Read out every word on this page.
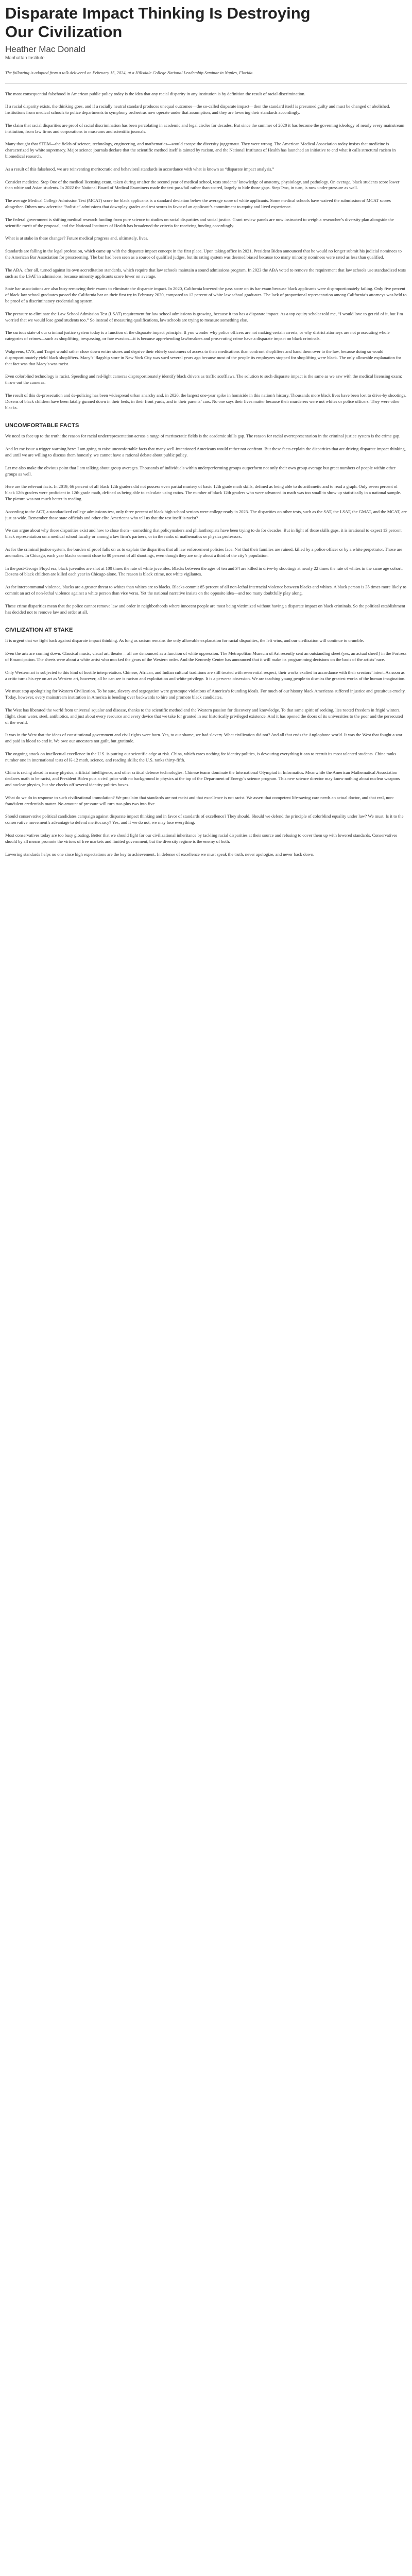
Disparate Impact Thinking Is Destroying
Our Civilization

Heather Mac Donald

Manhattan Institute

The following is adapted from a talk delivered on February 15, 2024, at a Hillsdale College National Leadership Seminar in Naples, Florida.

The most consequential falsehood in American public policy today is the idea that any racial disparity in any institution is by definition the result of racial discrimination.

If a racial disparity exists, the thinking goes, and if a racially neutral standard produces unequal outcomes—the so-called disparate impact—then the standard itself is presumed guilty and must be changed or abolished. Institutions from medical schools to police departments to symphony orchestras now operate under that assumption, and they are lowering their standards accordingly.

The claim that racial disparities are proof of racial discrimination has been percolating in academic and legal circles for decades. But since the summer of 2020 it has become the governing ideology of nearly every mainstream institution, from law firms and corporations to museums and scientific journals.

Many thought that STEM—the fields of science, technology, engineering, and mathematics—would escape the diversity juggernaut. They were wrong. The American Medical Association today insists that medicine is characterized by white supremacy. Major science journals declare that the scientific method itself is tainted by racism, and the National Institutes of Health has launched an initiative to end what it calls structural racism in biomedical research.

As a result of this falsehood, we are reinventing meritocratic and behavioral standards in accordance with what is known as “disparate impact analysis.”

Consider medicine. Step One of the medical licensing exam, taken during or after the second year of medical school, tests students’ knowledge of anatomy, physiology, and pathology. On average, black students score lower than white and Asian students. In 2022 the National Board of Medical Examiners made the test pass/fail rather than scored, largely to hide those gaps. Step Two, in turn, is now under pressure as well.

The average Medical College Admission Test (MCAT) score for black applicants is a standard deviation below the average score of white applicants. Some medical schools have waived the submission of MCAT scores altogether. Others now advertise “holistic” admissions that downplay grades and test scores in favor of an applicant’s commitment to equity and lived experience.

The federal government is shifting medical research funding from pure science to studies on racial disparities and social justice. Grant review panels are now instructed to weigh a researcher’s diversity plan alongside the scientific merit of the proposal, and the National Institutes of Health has broadened the criteria for receiving funding accordingly.

What is at stake in these changes? Future medical progress and, ultimately, lives.

Standards are falling in the legal profession, which came up with the disparate impact concept in the first place. Upon taking office in 2021, President Biden announced that he would no longer submit his judicial nominees to the American Bar Association for prescreening. The bar had been seen as a source of qualified judges, but its rating system was deemed biased because too many minority nominees were rated as less than qualified.

The ABA, after all, turned against its own accreditation standards, which require that law schools maintain a sound admissions program. In 2023 the ABA voted to remove the requirement that law schools use standardized tests such as the LSAT in admissions, because minority applicants score lower on average.

State bar associations are also busy removing their exams to eliminate the disparate impact. In 2020, California lowered the pass score on its bar exam because black applicants were disproportionately failing. Only five percent of black law school graduates passed the California bar on their first try in February 2020, compared to 12 percent of white law school graduates. The lack of proportional representation among California’s attorneys was held to be proof of a discriminatory credentialing system.

The pressure to eliminate the Law School Admission Test (LSAT) requirement for law school admissions is growing, because it too has a disparate impact. As a top equity scholar told me, “I would love to get rid of it, but I’m worried that we would lose good students too.” So instead of measuring qualifications, law schools are trying to measure something else.

The curious state of our criminal justice system today is a function of the disparate impact principle. If you wonder why police officers are not making certain arrests, or why district attorneys are not prosecuting whole categories of crimes—such as shoplifting, trespassing, or fare evasion—it is because apprehending lawbreakers and prosecuting crime have a disparate impact on black criminals.

Walgreens, CVS, and Target would rather close down entire stores and deprive their elderly customers of access to their medications than confront shoplifters and hand them over to the law, because doing so would disproportionately yield black shoplifters. Macy’s’ flagship store in New York City was sued several years ago because most of the people its employees stopped for shoplifting were black. The only allowable explanation for that fact was that Macy’s was racist.

Even colorblind technology is racist. Speeding and red-light cameras disproportionately identify black drivers as traffic scofflaws. The solution to such disparate impact is the same as we saw with the medical licensing exam: throw out the cameras.

The result of this de-prosecution and de-policing has been widespread urban anarchy and, in 2020, the largest one-year spike in homicide in this nation’s history. Thousands more black lives have been lost to drive-by shootings. Dozens of black children have been fatally gunned down in their beds, in their front yards, and in their parents’ cars. No one says their lives matter because their murderers were not whites or police officers. They were other blacks.

UNCOMFORTABLE FACTS

We need to face up to the truth: the reason for racial underrepresentation across a range of meritocratic fields is the academic skills gap. The reason for racial overrepresentation in the criminal justice system is the crime gap.

And let me issue a trigger warning here: I am going to raise uncomfortable facts that many well-intentioned Americans would rather not confront. But these facts explain the disparities that are driving disparate impact thinking, and until we are willing to discuss them honestly, we cannot have a rational debate about public policy.

Let me also make the obvious point that I am talking about group averages. Thousands of individuals within underperforming groups outperform not only their own group average but great numbers of people within other groups as well.

Here are the relevant facts. In 2019, 66 percent of all black 12th graders did not possess even partial mastery of basic 12th grade math skills, defined as being able to do arithmetic and to read a graph. Only seven percent of black 12th graders were proficient in 12th grade math, defined as being able to calculate using ratios. The number of black 12th graders who were advanced in math was too small to show up statistically in a national sample. The picture was not much better in reading.

According to the ACT, a standardized college admissions test, only three percent of black high school seniors were college ready in 2023. The disparities on other tests, such as the SAT, the LSAT, the GMAT, and the MCAT, are just as wide. Remember those state officials and other elite Americans who tell us that the test itself is racist?

We can argue about why those disparities exist and how to close them—something that policymakers and philanthropists have been trying to do for decades. But in light of those skills gaps, it is irrational to expect 13 percent black representation on a medical school faculty or among a law firm’s partners, or in the ranks of mathematics or physics professors.

As for the criminal justice system, the burden of proof falls on us to explain the disparities that all law enforcement policies face. Not that their families are ruined, killed by a police officer or by a white perpetrator. Those are anomalies. In Chicago, each year blacks commit close to 80 percent of all shootings, even though they are only about a third of the city’s population.

In the post-George Floyd era, black juveniles are shot at 100 times the rate of white juveniles. Blacks between the ages of ten and 34 are killed in drive-by shootings at nearly 22 times the rate of whites in the same age cohort. Dozens of black children are killed each year in Chicago alone. The reason is black crime, not white vigilantes.

As for intercommunal violence, blacks are a greater threat to whites than whites are to blacks. Blacks commit 85 percent of all non-lethal interracial violence between blacks and whites. A black person is 35 times more likely to commit an act of non-lethal violence against a white person than vice versa. Yet the national narrative insists on the opposite idea—and too many doubtfully play along.

These crime disparities mean that the police cannot remove law and order in neighborhoods where innocent people are most being victimized without having a disparate impact on black criminals. So the political establishment has decided not to remove law and order at all.

CIVILIZATION AT STAKE

It is urgent that we fight back against disparate impact thinking. As long as racism remains the only allowable explanation for racial disparities, the left wins, and our civilization will continue to crumble.

Even the arts are coming down. Classical music, visual art, theater—all are denounced as a function of white oppression. The Metropolitan Museum of Art recently sent an outstanding sheet (yes, an actual sheet!) in the Fortress of Emancipation. The sheets were about a white artist who mocked the gears of the Western order. And the Kennedy Center has announced that it will make its programming decisions on the basis of the artists’ race.

Only Western art is subjected to this kind of hostile interpretation. Chinese, African, and Indian cultural traditions are still treated with reverential respect, their works exalted in accordance with their creators’ intent. As soon as a critic turns his eye on art as Western art, however, all he can see is racism and exploitation and white privilege. It is a perverse obsession. We are teaching young people to dismiss the greatest works of the human imagination.

We must stop apologizing for Western Civilization. To be sure, slavery and segregation were grotesque violations of America’s founding ideals. For much of our history black Americans suffered injustice and gratuitous cruelty. Today, however, every mainstream institution in America is bending over backwards to hire and promote black candidates.

The West has liberated the world from universal squalor and disease, thanks to the scientific method and the Western passion for discovery and knowledge. To that same spirit of seeking, lies rooted freedom in frigid winters, flight, clean water, steel, antibiotics, and just about every resource and every device that we take for granted in our historically privileged existence. And it has opened the doors of its universities to the poor and the persecuted of the world.

It was in the West that the ideas of constitutional government and civil rights were born. Yes, to our shame, we had slavery. What civilization did not? And all that ends the Anglophone world. It was the West that fought a war and paid in blood to end it. We owe our ancestors not guilt, but gratitude.

The ongoing attack on intellectual excellence in the U.S. is putting our scientific edge at risk. China, which cares nothing for identity politics, is devouring everything it can to recruit its most talented students. China ranks number one in international tests of K-12 math, science, and reading skills; the U.S. ranks thirty-fifth.

China is racing ahead in many physics, artificial intelligence, and other critical defense technologies. Chinese teams dominate the International Olympiad in Informatics. Meanwhile the American Mathematical Association declares math to be racist, and President Biden puts a civil prior with no background in physics at the top of the Department of Energy’s science program. This new science director may know nothing about nuclear weapons and nuclear physics, but she checks off several identity politics boxes.

What do we do in response to such civilizational immolation? We proclaim that standards are not racist and that excellence is not racist. We assert that competent life-saving care needs an actual doctor, and that real, non-fraudulent credentials matter. No amount of pressure will turn two plus two into five.

Should conservative political candidates campaign against disparate impact thinking and in favor of standards of excellence? They should. Should we defend the principle of colorblind equality under law? We must. Is it to the conservative movement’s advantage to defend meritocracy? Yes, and if we do not, we may lose everything.

Most conservatives today are too busy gloating. Better that we should fight for our civilizational inheritance by tackling racial disparities at their source and refusing to cover them up with lowered standards. Conservatives should by all means promote the virtues of free markets and limited government, but the diversity regime is the enemy of both.

Lowering standards helps no one since high expectations are the key to achievement. In defense of excellence we must speak the truth, never apologize, and never back down.
